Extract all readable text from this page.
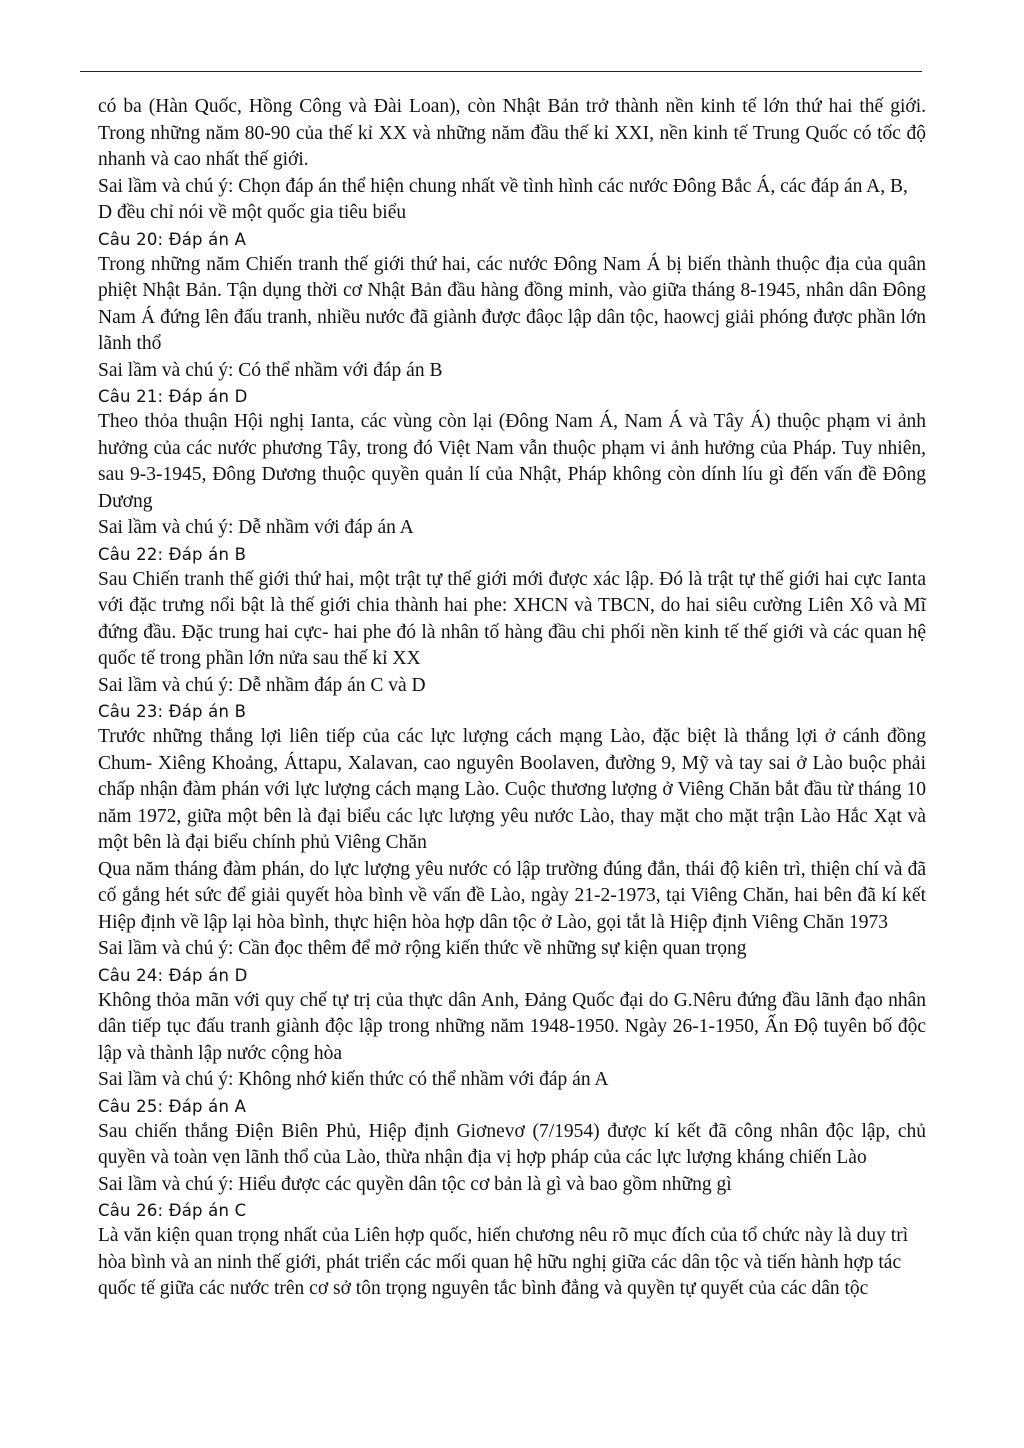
có ba (Hàn Quốc, Hồng Công và Đài Loan), còn Nhật Bản trở thành nền kinh tế lớn thứ hai thế giới. Trong những năm 80-90 của thế kỉ XX và những năm đầu thế kỉ XXI, nền kinh tế Trung Quốc có tốc độ nhanh và cao nhất thế giới.

Sai lầm và chú ý: Chọn đáp án thể hiện chung nhất về tình hình các nước Đông Bắc Á, các đáp án A, B, D đều chỉ nói về một quốc gia tiêu biểu

Câu 20: Đáp án A

Trong những năm Chiến tranh thế giới thứ hai, các nước Đông Nam Á bị biến thành thuộc địa của quân phiệt Nhật Bản. Tận dụng thời cơ Nhật Bản đầu hàng đồng minh, vào giữa tháng 8-1945, nhân dân Đông Nam Á đứng lên đấu tranh, nhiều nước đã giành được đâọc lập dân tộc, haowcj giải phóng được phần lớn lãnh thổ

Sai lầm và chú ý: Có thể nhầm với đáp án B

Câu 21: Đáp án D

Theo thỏa thuận Hội nghị Ianta, các vùng còn lại (Đông Nam Á, Nam Á và Tây Á) thuộc phạm vi ảnh hưởng của các nước phương Tây, trong đó Việt Nam vẫn thuộc phạm vi ảnh hưởng của Pháp. Tuy nhiên, sau 9-3-1945, Đông Dương thuộc quyền quản lí của Nhật, Pháp không còn dính líu gì đến vấn đề Đông Dương

Sai lầm và chú ý: Dễ nhầm với đáp án A

Câu 22: Đáp án B

Sau Chiến tranh thế giới thứ hai, một trật tự thế giới mới được xác lập. Đó là trật tự thế giới hai cực Ianta với đặc trưng nổi bật là thế giới chia thành hai phe: XHCN và TBCN, do hai siêu cường Liên Xô và Mĩ đứng đầu. Đặc trung hai cực- hai phe đó là nhân tố hàng đầu chi phối nền kinh tế thế giới và các quan hệ quốc tế trong phần lớn nửa sau thế kỉ XX

Sai lầm và chú ý: Dễ nhầm đáp án C và D

Câu 23: Đáp án B

Trước những thắng lợi liên tiếp của các lực lượng cách mạng Lào, đặc biệt là thắng lợi ở cánh đồng Chum- Xiêng Khoảng, Áttapu, Xalavan, cao nguyên Boolaven, đường 9, Mỹ và tay sai ở Lào buộc phải chấp nhận đàm phán với lực lượng cách mạng Lào. Cuộc thương lượng ở Viêng Chăn bắt đầu từ tháng 10 năm 1972, giữa một bên là đại biểu các lực lượng yêu nước Lào, thay mặt cho mặt trận Lào Hắc Xạt và một bên là đại biểu chính phủ Viêng Chăn

Qua năm tháng đàm phán, do lực lượng yêu nước có lập trường đúng đắn, thái độ kiên trì, thiện chí và đã cố gắng hét sức để giải quyết hòa bình về vấn đề Lào, ngày 21-2-1973, tại Viêng Chăn, hai bên đã kí kết Hiệp định về lập lại hòa bình, thực hiện hòa hợp dân tộc ở Lào, gọi tắt là Hiệp định Viêng Chăn 1973

Sai lầm và chú ý: Cần đọc thêm để mở rộng kiến thức về những sự kiện quan trọng

Câu 24: Đáp án D

Không thỏa mãn với quy chế tự trị của thực dân Anh, Đảng Quốc đại do G.Nêru đứng đầu lãnh đạo nhân dân tiếp tục đấu tranh giành độc lập trong những năm 1948-1950. Ngày 26-1-1950, Ấn Độ tuyên bố độc lập và thành lập nước cộng hòa

Sai lầm và chú ý: Không nhớ kiến thức có thể nhầm với đáp án A

Câu 25: Đáp án A

Sau chiến thắng Điện Biên Phủ, Hiệp định Giơnevơ (7/1954) được kí kết đã công nhân độc lập, chủ quyền và toàn vẹn lãnh thổ của Lào, thừa nhận địa vị hợp pháp của các lực lượng kháng chiến Lào

Sai lầm và chú ý: Hiểu được các quyền dân tộc cơ bản là gì và bao gồm những gì

Câu 26: Đáp án C

Là văn kiện quan trọng nhất của Liên hợp quốc, hiến chương nêu rõ mục đích của tổ chức này là duy trì hòa bình và an ninh thế giới, phát triển các mối quan hệ hữu nghị giữa các dân tộc và tiến hành hợp tác quốc tế giữa các nước trên cơ sở tôn trọng nguyên tắc bình đẳng và quyền tự quyết của các dân tộc
